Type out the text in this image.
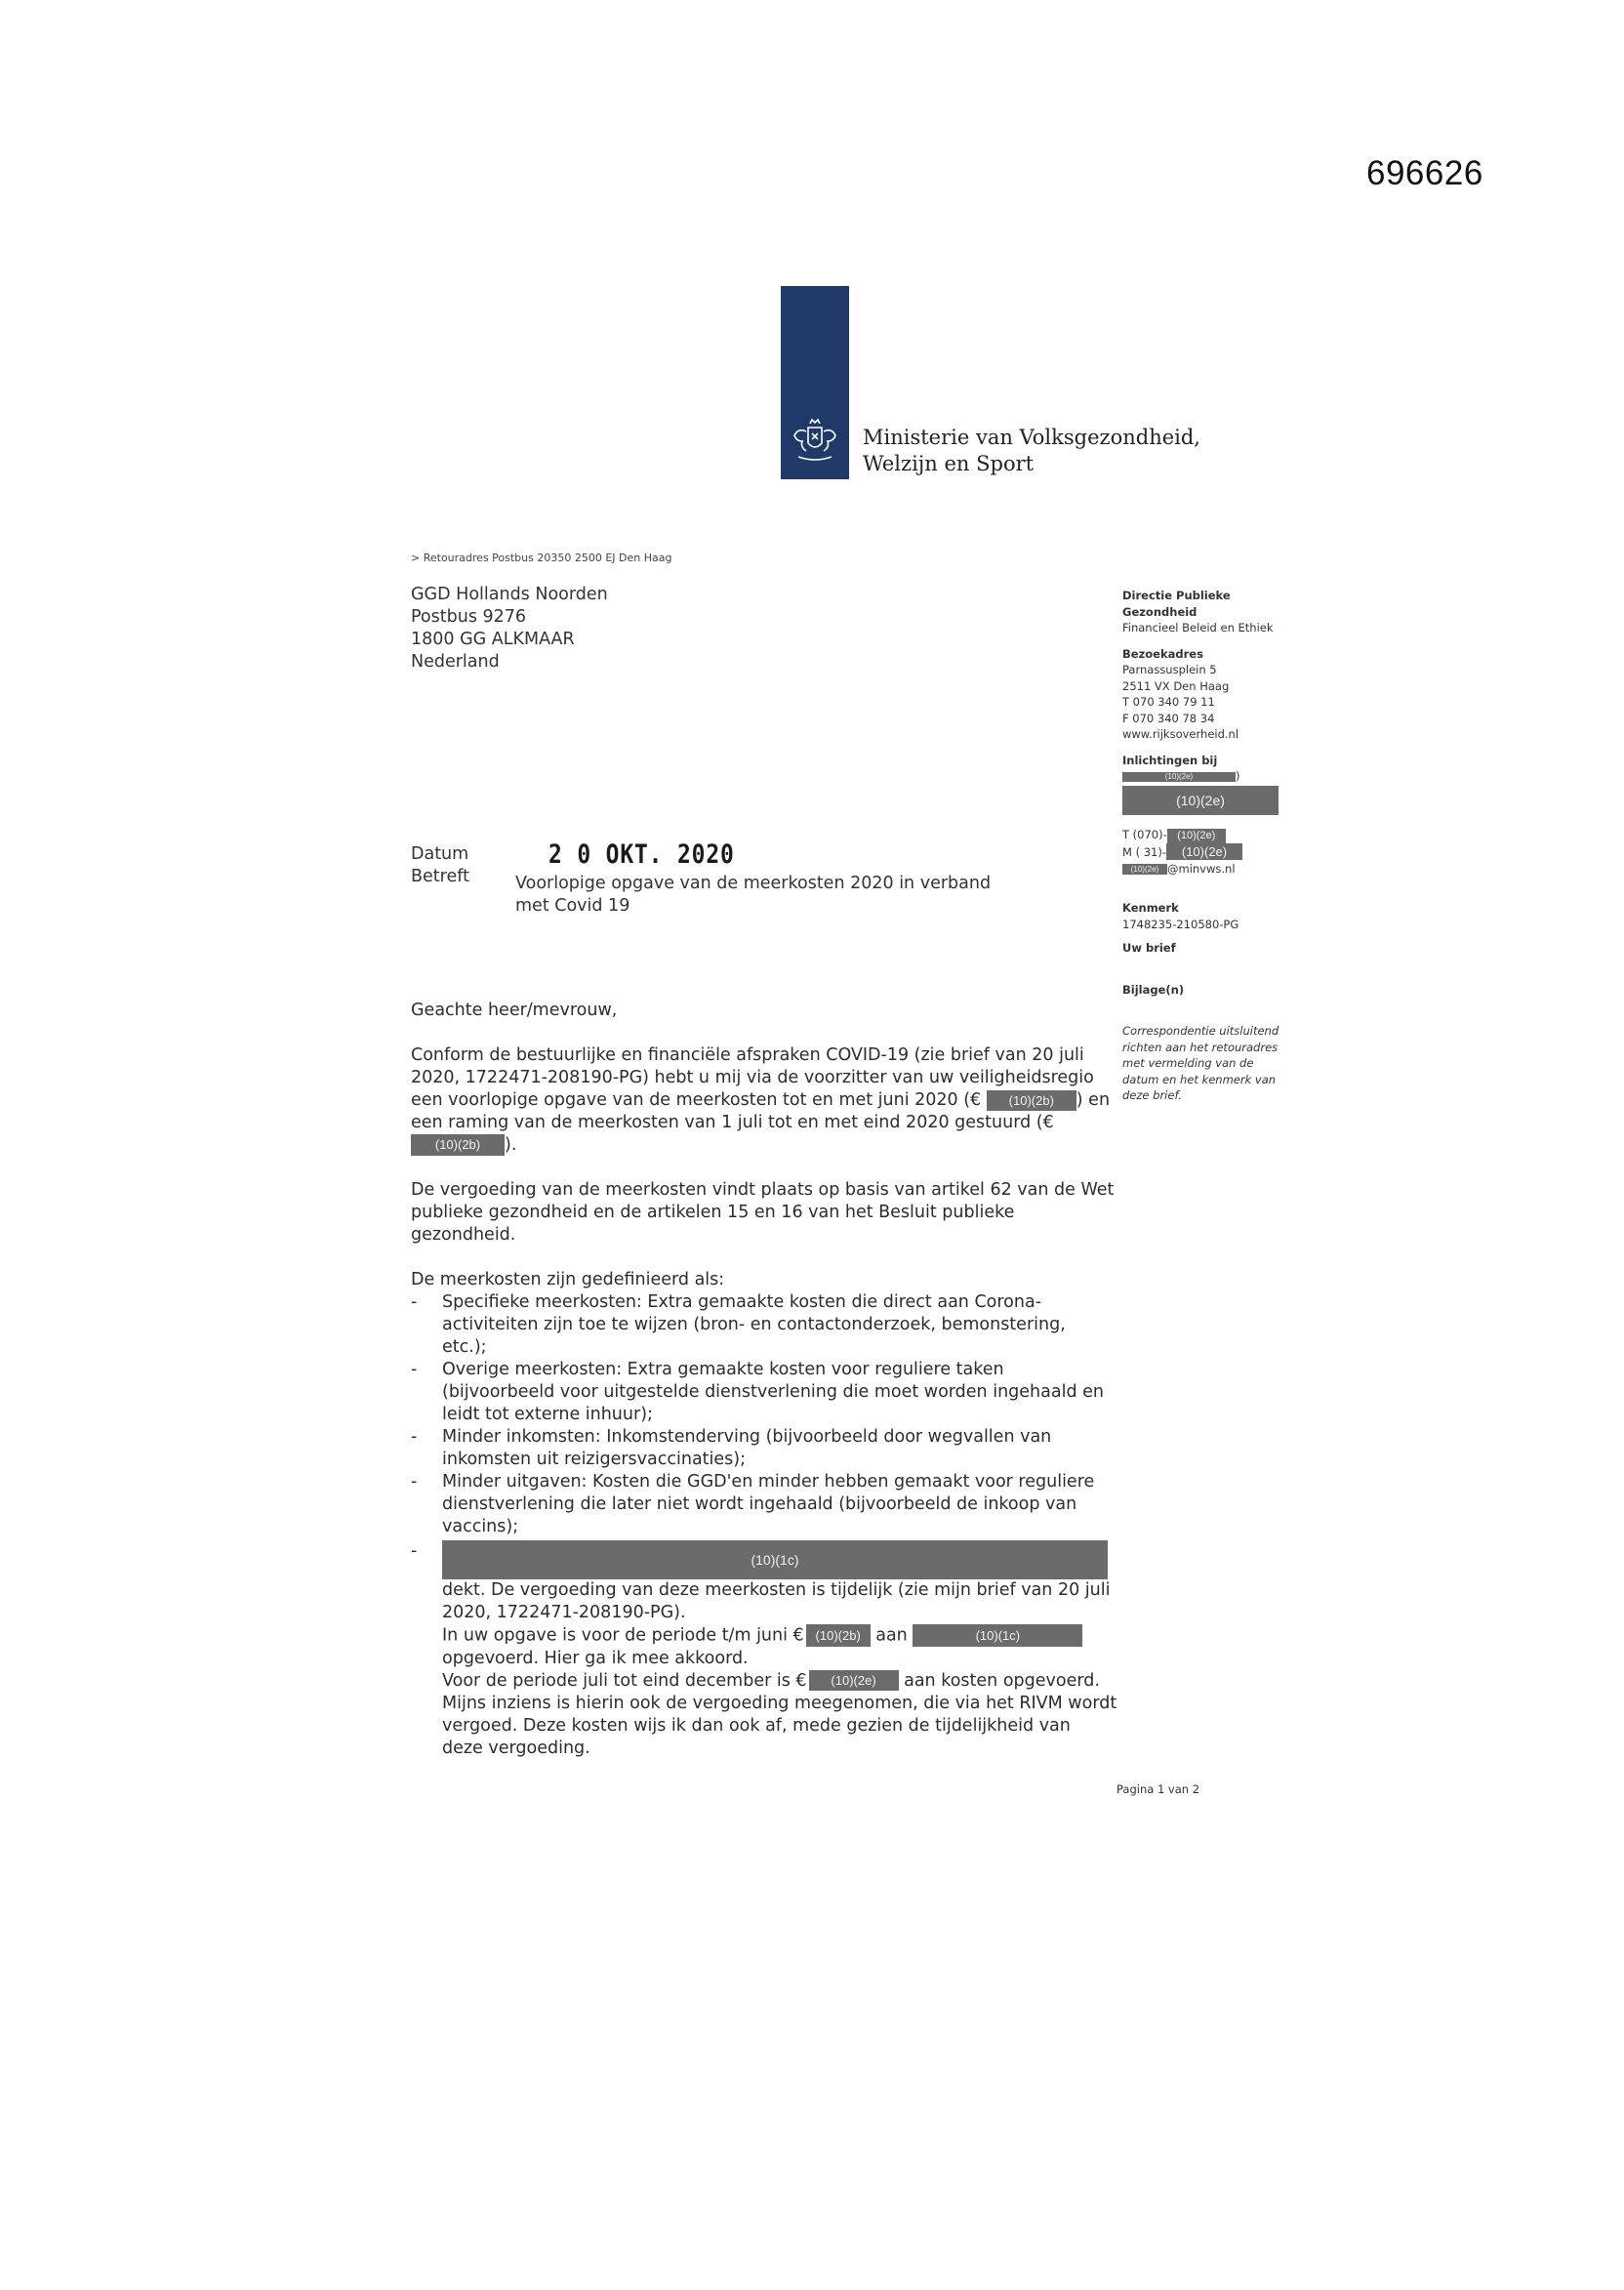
696626
Ministerie van Volksgezondheid,
Welzijn en Sport
> Retouradres Postbus 20350 2500 EJ Den Haag
GGD Hollands Noorden
Postbus 9276
1800 GG ALKMAAR
Nederland
Directie Publieke
Gezondheid
Financieel Beleid en Ethiek
Bezoekadres
Parnassusplein 5
2511 VX Den Haag
T 070 340 79 11
F 070 340 78 34
www.rijksoverheid.nl
Inlichtingen bij
(10)(2e)	)
(10)(2e)
T (070)- (10)(2e)
M ( 31)- (10)(2e)
(10)(2e) @minvws.nl
Kenmerk
1748235-210580-PG
Uw brief
Bijlage(n)
Correspondentie uitsluitend
richten aan het retouradres
met vermelding van de
datum en het kenmerk van
deze brief.
Datum
Betreft
2 0 OKT. 2020
Voorlopige opgave van de meerkosten 2020 in verband
met Covid 19

Geachte heer/mevrouw,

Conform de bestuurlijke en financiële afspraken COVID-19 (zie brief van 20 juli
2020, 1722471-208190-PG) hebt u mij via de voorzitter van uw veiligheidsregio
een voorlopige opgave van de meerkosten tot en met juni 2020 (€ (10)(2b) ) en
een raming van de meerkosten van 1 juli tot en met eind 2020 gestuurd (€
(10)(2b) ).
De vergoeding van de meerkosten vindt plaats op basis van artikel 62 van de Wet
publieke gezondheid en de artikelen 15 en 16 van het Besluit publieke
gezondheid.
De meerkosten zijn gedefinieerd als:
- Specifieke meerkosten: Extra gemaakte kosten die direct aan Corona-
activiteiten zijn toe te wijzen (bron- en contactonderzoek, bemonstering,
etc.);
- Overige meerkosten: Extra gemaakte kosten voor reguliere taken
(bijvoorbeeld voor uitgestelde dienstverlening die moet worden ingehaald en
leidt tot externe inhuur);
- Minder inkomsten: Inkomstenderving (bijvoorbeeld door wegvallen van
inkomsten uit reizigersvaccinaties);
- Minder uitgaven: Kosten die GGD'en minder hebben gemaakt voor reguliere
dienstverlening die later niet wordt ingehaald (bijvoorbeeld de inkoop van
vaccins);
-	(10)(1c)
dekt. De vergoeding van deze meerkosten is tijdelijk (zie mijn brief van 20 juli
2020, 1722471-208190-PG).
In uw opgave is voor de periode t/m juni € (10)(2b) aan	(10)(1c)
opgevoerd. Hier ga ik mee akkoord.
Voor de periode juli tot eind december is € (10)(2e) aan kosten opgevoerd.
Mijns inziens is hierin ook de vergoeding meegenomen, die via het RIVM wordt
vergoed. Deze kosten wijs ik dan ook af, mede gezien de tijdelijkheid van
deze vergoeding.
Pagina 1 van 2
